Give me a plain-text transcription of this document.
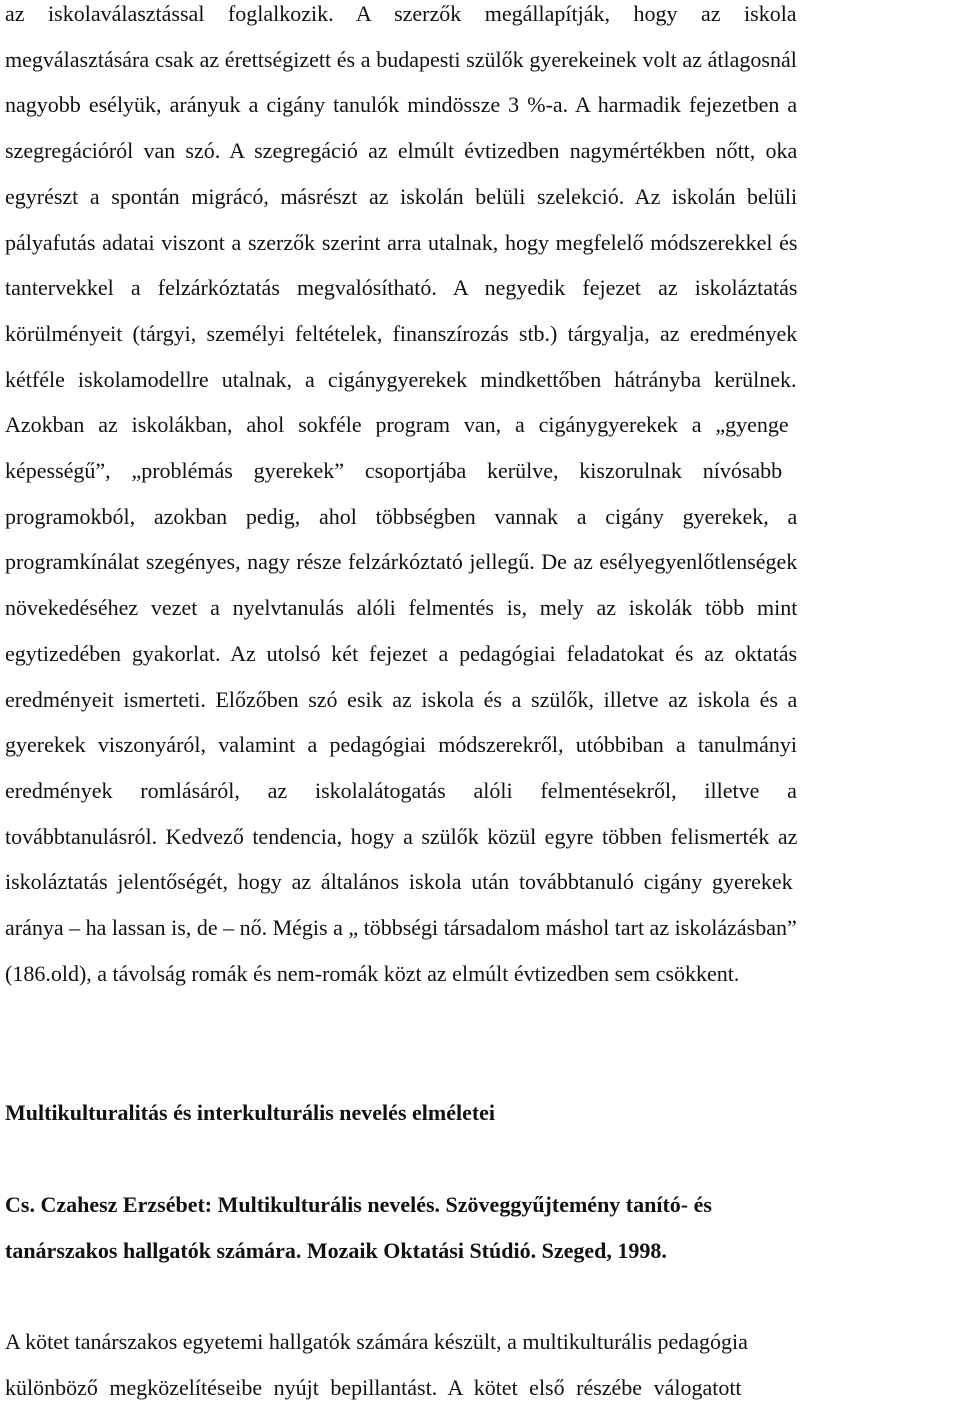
az iskolaválasztással foglalkozik. A szerzők megállapítják, hogy az iskola
megválasztására csak az érettségizett és a budapesti szülők gyerekeinek volt az átlagosnál
nagyobb esélyük, arányuk a cigány tanulók mindössze 3 %-a. A harmadik fejezetben a
szegregációról van szó. A szegregáció az elmúlt évtizedben nagymértékben nőtt, oka
egyrészt a spontán migrácó, másrészt az iskolán belüli szelekció. Az iskolán belüli
pályafutás adatai viszont a szerzők szerint arra utalnak, hogy megfelelő módszerekkel és
tantervekkel a felzárkóztatás megvalósítható. A negyedik fejezet az iskoláztatás
körülményeit (tárgyi, személyi feltételek, finanszírozás stb.) tárgyalja, az eredmények
kétféle iskolamodellre utalnak, a cigánygyerekek mindkettőben hátrányba kerülnek.
Azokban az iskolákban, ahol sokféle program van, a cigánygyerekek a „gyenge
képességű”, „problémás gyerekek” csoportjába kerülve, kiszorulnak nívósabb
programokból, azokban pedig, ahol többségben vannak a cigány gyerekek, a
programkínálat szegényes, nagy része felzárkóztató jellegű. De az esélyegyenlőtlenségek
növekedéséhez vezet a nyelvtanulás alóli felmentés is, mely az iskolák több mint
egytizedében gyakorlat. Az utolsó két fejezet a pedagógiai feladatokat és az oktatás
eredményeit ismerteti. Előzőben szó esik az iskola és a szülők, illetve az iskola és a
gyerekek viszonyáról, valamint a pedagógiai módszerekről, utóbbiban a tanulmányi
eredmények romlásáról, az iskolalátogatás alóli felmentésekről, illetve a
továbbtanulásról. Kedvező tendencia, hogy a szülők közül egyre többen felismerték az
iskoláztatás jelentőségét, hogy az általános iskola után továbbtanuló cigány gyerekek
aránya – ha lassan is, de – nő. Mégis a „ többségi társadalom máshol tart az iskolázásban”
(186.old), a távolság romák és nem-romák közt az elmúlt évtizedben sem csökkent.
Multikulturalitás és interkulturális nevelés elméletei
Cs. Czahesz Erzsébet: Multikulturális nevelés. Szöveggyűjtemény tanító- és
tanárszakos hallgatók számára. Mozaik Oktatási Stúdió. Szeged, 1998.
A kötet tanárszakos egyetemi hallgatók számára készült, a multikulturális pedagógia
különböző megközelítéseibe nyújt bepillantást. A kötet első részébe válogatott
